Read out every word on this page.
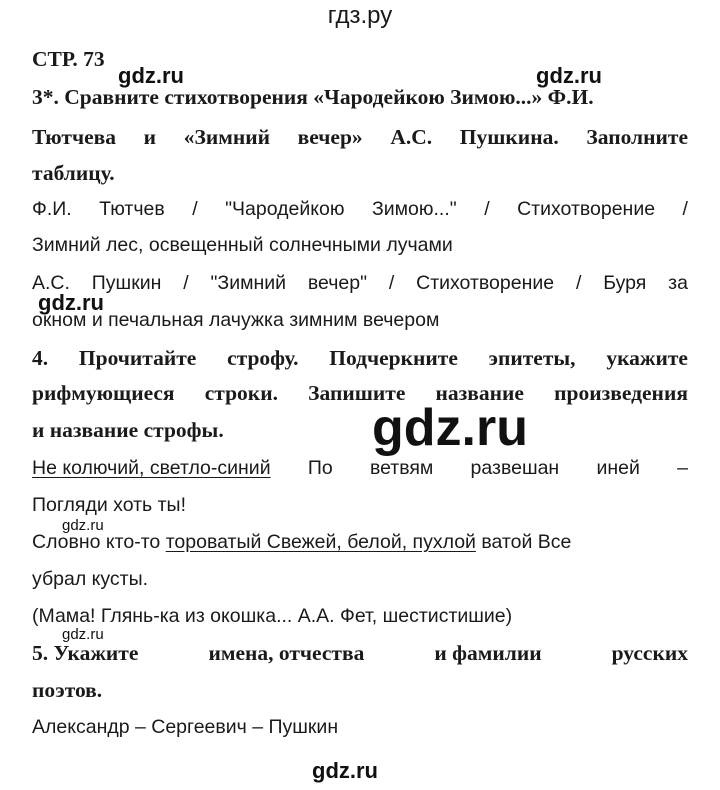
гдз.ру
СТР. 73
gdz.ru	gdz.ru
gdz.ru
gdz.ru
gdz.ru
gdz.ru
gdz.ru
3*. Сравните стихотворения «Чародейкою Зимою...» Ф.И.
Тютчева и «Зимний вечер» А.С. Пушкина. Заполните
таблицу.
Ф.И. Тютчев / "Чародейкою Зимою..." / Стихотворение /
Зимний лес, освещенный солнечными лучами
А.С. Пушкин / "Зимний вечер" / Стихотворение / Буря за
окном и печальная лачужка зимним вечером
4. Прочитайте строфу. Подчеркните эпитеты, укажите
рифмующиеся строки. Запишите название произведения
и название строфы.
Не колючий, светло-синий По ветвям развешан иней –
Погляди хоть ты!
Словно кто-то тороватый Свежей, белой, пухлой ватой Все
убрал кусты.
(Мама! Глянь-ка из окошка... А.А. Фет, шестистишие)
5. Укажите	имена, отчества	и фамилии	русских
поэтов.
Александр – Сергеевич – Пушкин
